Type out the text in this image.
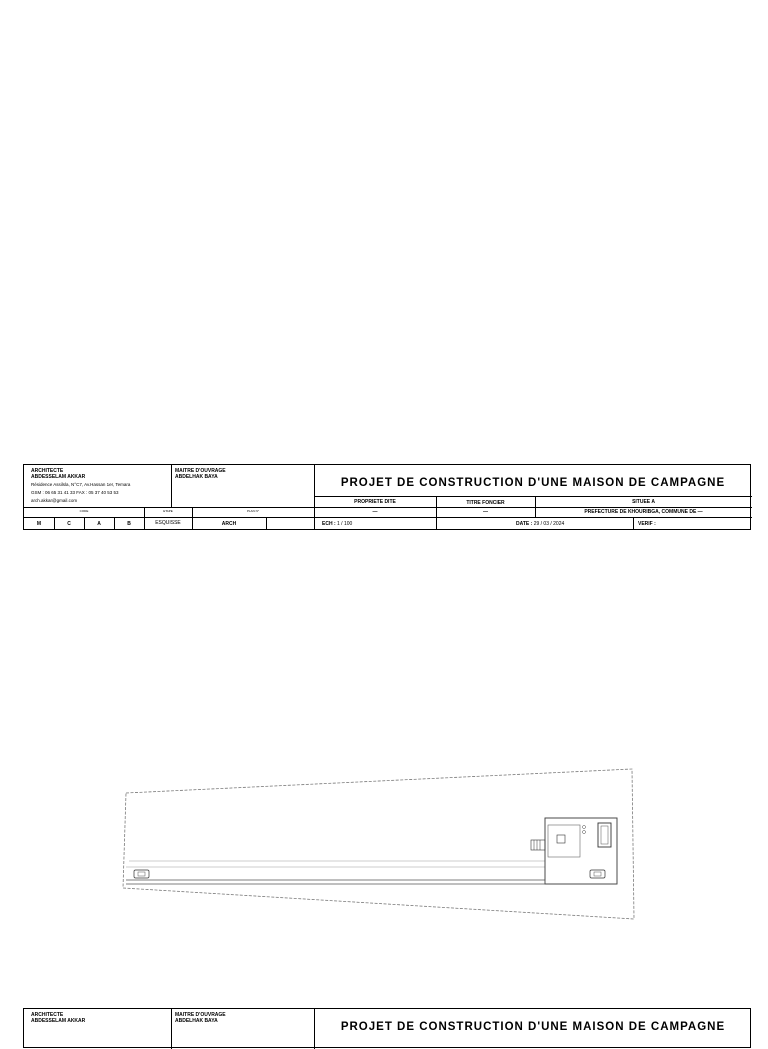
ARCHITECTE
ABDESSELAM AKKAR
Résidence Assilsla, N°C7, Av.Hassan 1er, Temara
GSM : 06 65 31 41 33 FAX : 05 37 40 53 53
arch.akkar@gmail.com
MAITRE D'OUVRAGE
ABDELHAK BAYA
CODE	ETAPE	PLAN N°
M	C	A	B	ESQUISSE	ARCH
PROJET DE CONSTRUCTION D'UNE MAISON DE CAMPAGNE
PROPRIETE DITE	TITRE FONCIER	SITUEE A
—	—	PREFECTURE DE KHOURIBGA, COMMUNE DE —
ECH : 1 / 100	DATE : 29 / 03 / 2024	VERIF :
ARCHITECTE
ABDESSELAM AKKAR
MAITRE D'OUVRAGE
ABDELHAK BAYA	PROJET DE CONSTRUCTION D'UNE MAISON DE CAMPAGNE
